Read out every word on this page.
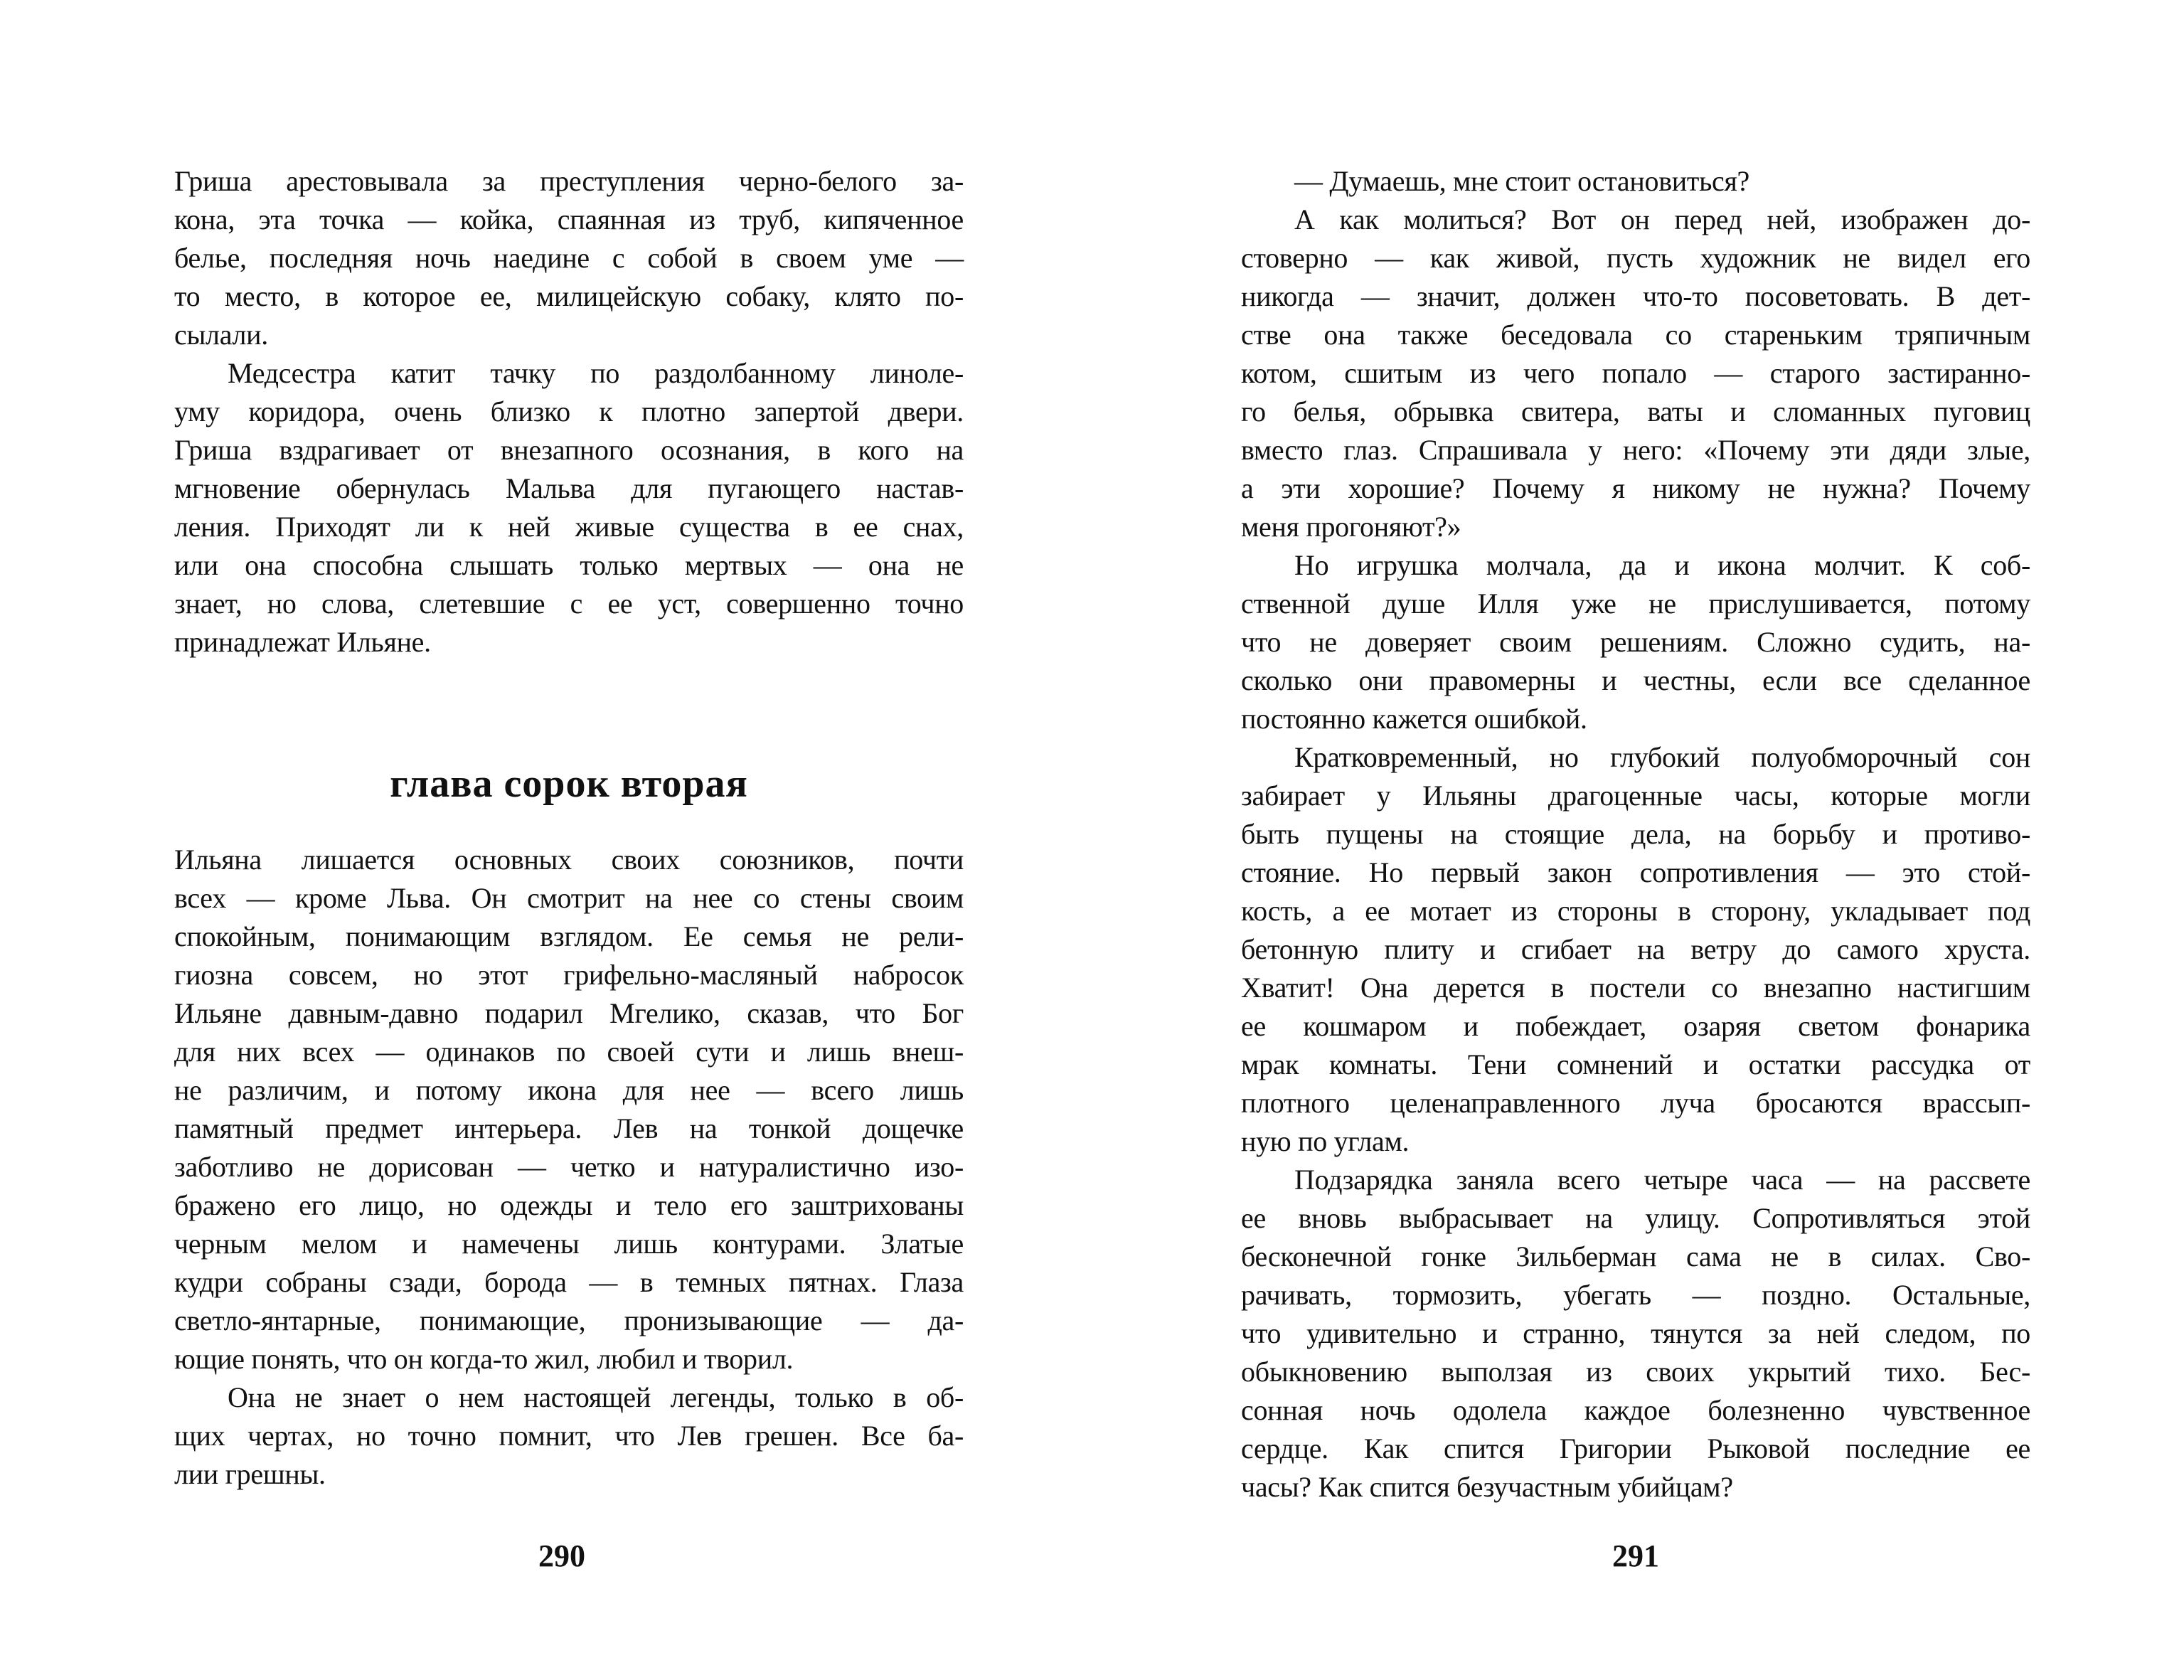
Гриша арестовывала за преступления черно-белого за-
кона, эта точка — койка, спаянная из труб, кипяченное
белье, последняя ночь наедине с собой в своем уме —
то место, в которое ее, милицейскую собаку, клято по-
сылали.
Медсестра катит тачку по раздолбанному линоле-
уму коридора, очень близко к плотно запертой двери.
Гриша вздрагивает от внезапного осознания, в кого на
мгновение обернулась Мальва для пугающего настав-
ления. Приходят ли к ней живые существа в ее снах,
или она способна слышать только мертвых — она не
знает, но слова, слетевшие с ее уст, совершенно точно
принадлежат Ильяне.
глава сорок вторая
Ильяна лишается основных своих союзников, почти
всех — кроме Льва. Он смотрит на нее со стены своим
спокойным, понимающим взглядом. Ее семья не рели-
гиозна совсем, но этот грифельно-масляный набросок
Ильяне давным-давно подарил Мгелико, сказав, что Бог
для них всех — одинаков по своей сути и лишь внеш-
не различим, и потому икона для нее — всего лишь
памятный предмет интерьера. Лев на тонкой дощечке
заботливо не дорисован — четко и натуралистично изо-
бражено его лицо, но одежды и тело его заштрихованы
черным мелом и намечены лишь контурами. Златые
кудри собраны сзади, борода — в темных пятнах. Глаза
светло-янтарные, понимающие, пронизывающие — да-
ющие понять, что он когда-то жил, любил и творил.
Она не знает о нем настоящей легенды, только в об-
щих чертах, но точно помнит, что Лев грешен. Все ба-
лии грешны.
290
— Думаешь, мне стоит остановиться?
А как молиться? Вот он перед ней, изображен до-
стоверно — как живой, пусть художник не видел его
никогда — значит, должен что-то посоветовать. В дет-
стве она также беседовала со стареньким тряпичным
котом, сшитым из чего попало — старого застиранно-
го белья, обрывка свитера, ваты и сломанных пуговиц
вместо глаз. Спрашивала у него: «Почему эти дяди злые,
а эти хорошие? Почему я никому не нужна? Почему
меня прогоняют?»
Но игрушка молчала, да и икона молчит. К соб-
ственной душе Илля уже не прислушивается, потому
что не доверяет своим решениям. Сложно судить, на-
сколько они правомерны и честны, если все сделанное
постоянно кажется ошибкой.
Кратковременный, но глубокий полуобморочный сон
забирает у Ильяны драгоценные часы, которые могли
быть пущены на стоящие дела, на борьбу и противо-
стояние. Но первый закон сопротивления — это стой-
кость, а ее мотает из стороны в сторону, укладывает под
бетонную плиту и сгибает на ветру до самого хруста.
Хватит! Она дерется в постели со внезапно настигшим
ее кошмаром и побеждает, озаряя светом фонарика
мрак комнаты. Тени сомнений и остатки рассудка от
плотного целенаправленного луча бросаются врассып-
ную по углам.
Подзарядка заняла всего четыре часа — на рассвете
ее вновь выбрасывает на улицу. Сопротивляться этой
бесконечной гонке Зильберман сама не в силах. Сво-
рачивать, тормозить, убегать — поздно. Остальные,
что удивительно и странно, тянутся за ней следом, по
обыкновению выползая из своих укрытий тихо. Бес-
сонная ночь одолела каждое болезненно чувственное
сердце. Как спится Григории Рыковой последние ее
часы? Как спится безучастным убийцам?
291
